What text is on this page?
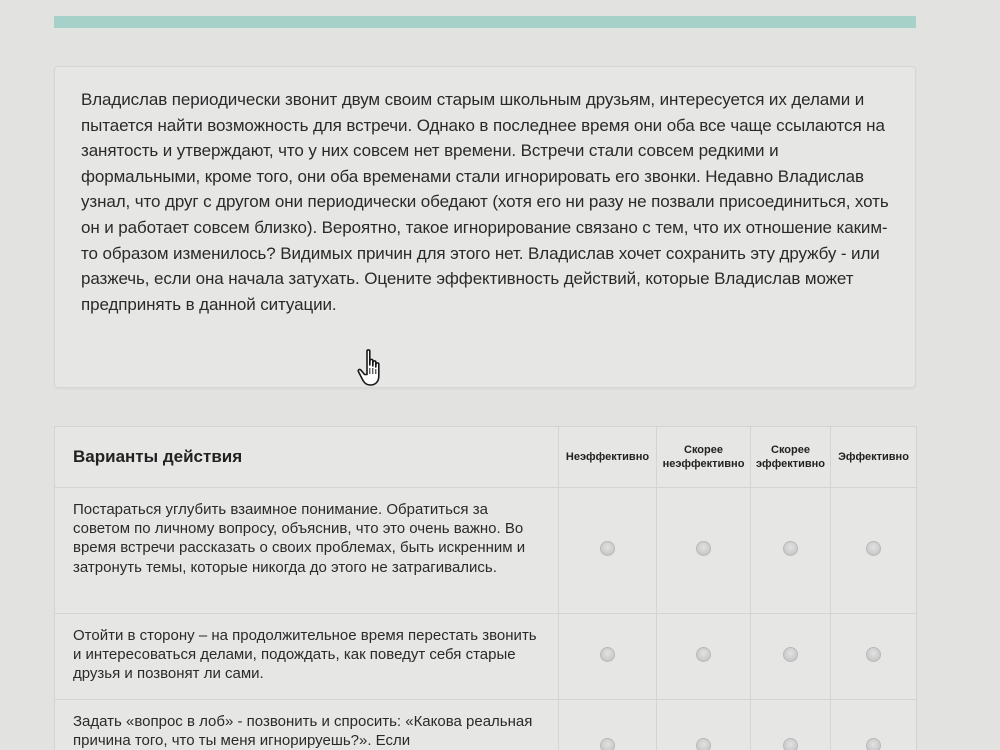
Владислав периодически звонит двум своим старым школьным друзьям, интересуется их делами и пытается найти возможность для встречи. Однако в последнее время они оба все чаще ссылаются на занятость и утверждают, что у них совсем нет времени. Встречи стали совсем редкими и формальными, кроме того, они оба временами стали игнорировать его звонки. Недавно Владислав узнал, что друг с другом они периодически обедают (хотя его ни разу не позвали присоединиться, хоть он и работает совсем близко). Вероятно, такое игнорирование связано с тем, что их отношение каким-то образом изменилось? Видимых причин для этого нет. Владислав хочет сохранить эту дружбу - или разжечь, если она начала затухать. Оцените эффективность действий, которые Владислав может предпринять в данной ситуации.

Варианты действия	Неэффективно	Скорее неэффективно	Скорее эффективно	Эффективно
Постараться углубить взаимное понимание. Обратиться за советом по личному вопросу, объяснив, что это очень важно. Во время встречи рассказать о своих проблемах, быть искренним и затронуть темы, которые никогда до этого не затрагивались.				
Отойти в сторону – на продолжительное время перестать звонить и интересоваться делами, подождать, как поведут себя старые друзья и позвонят ли сами.				
Задать «вопрос в лоб» - позвонить и спросить: «Какова реальная причина того, что ты меня игнорируешь?». Если				
